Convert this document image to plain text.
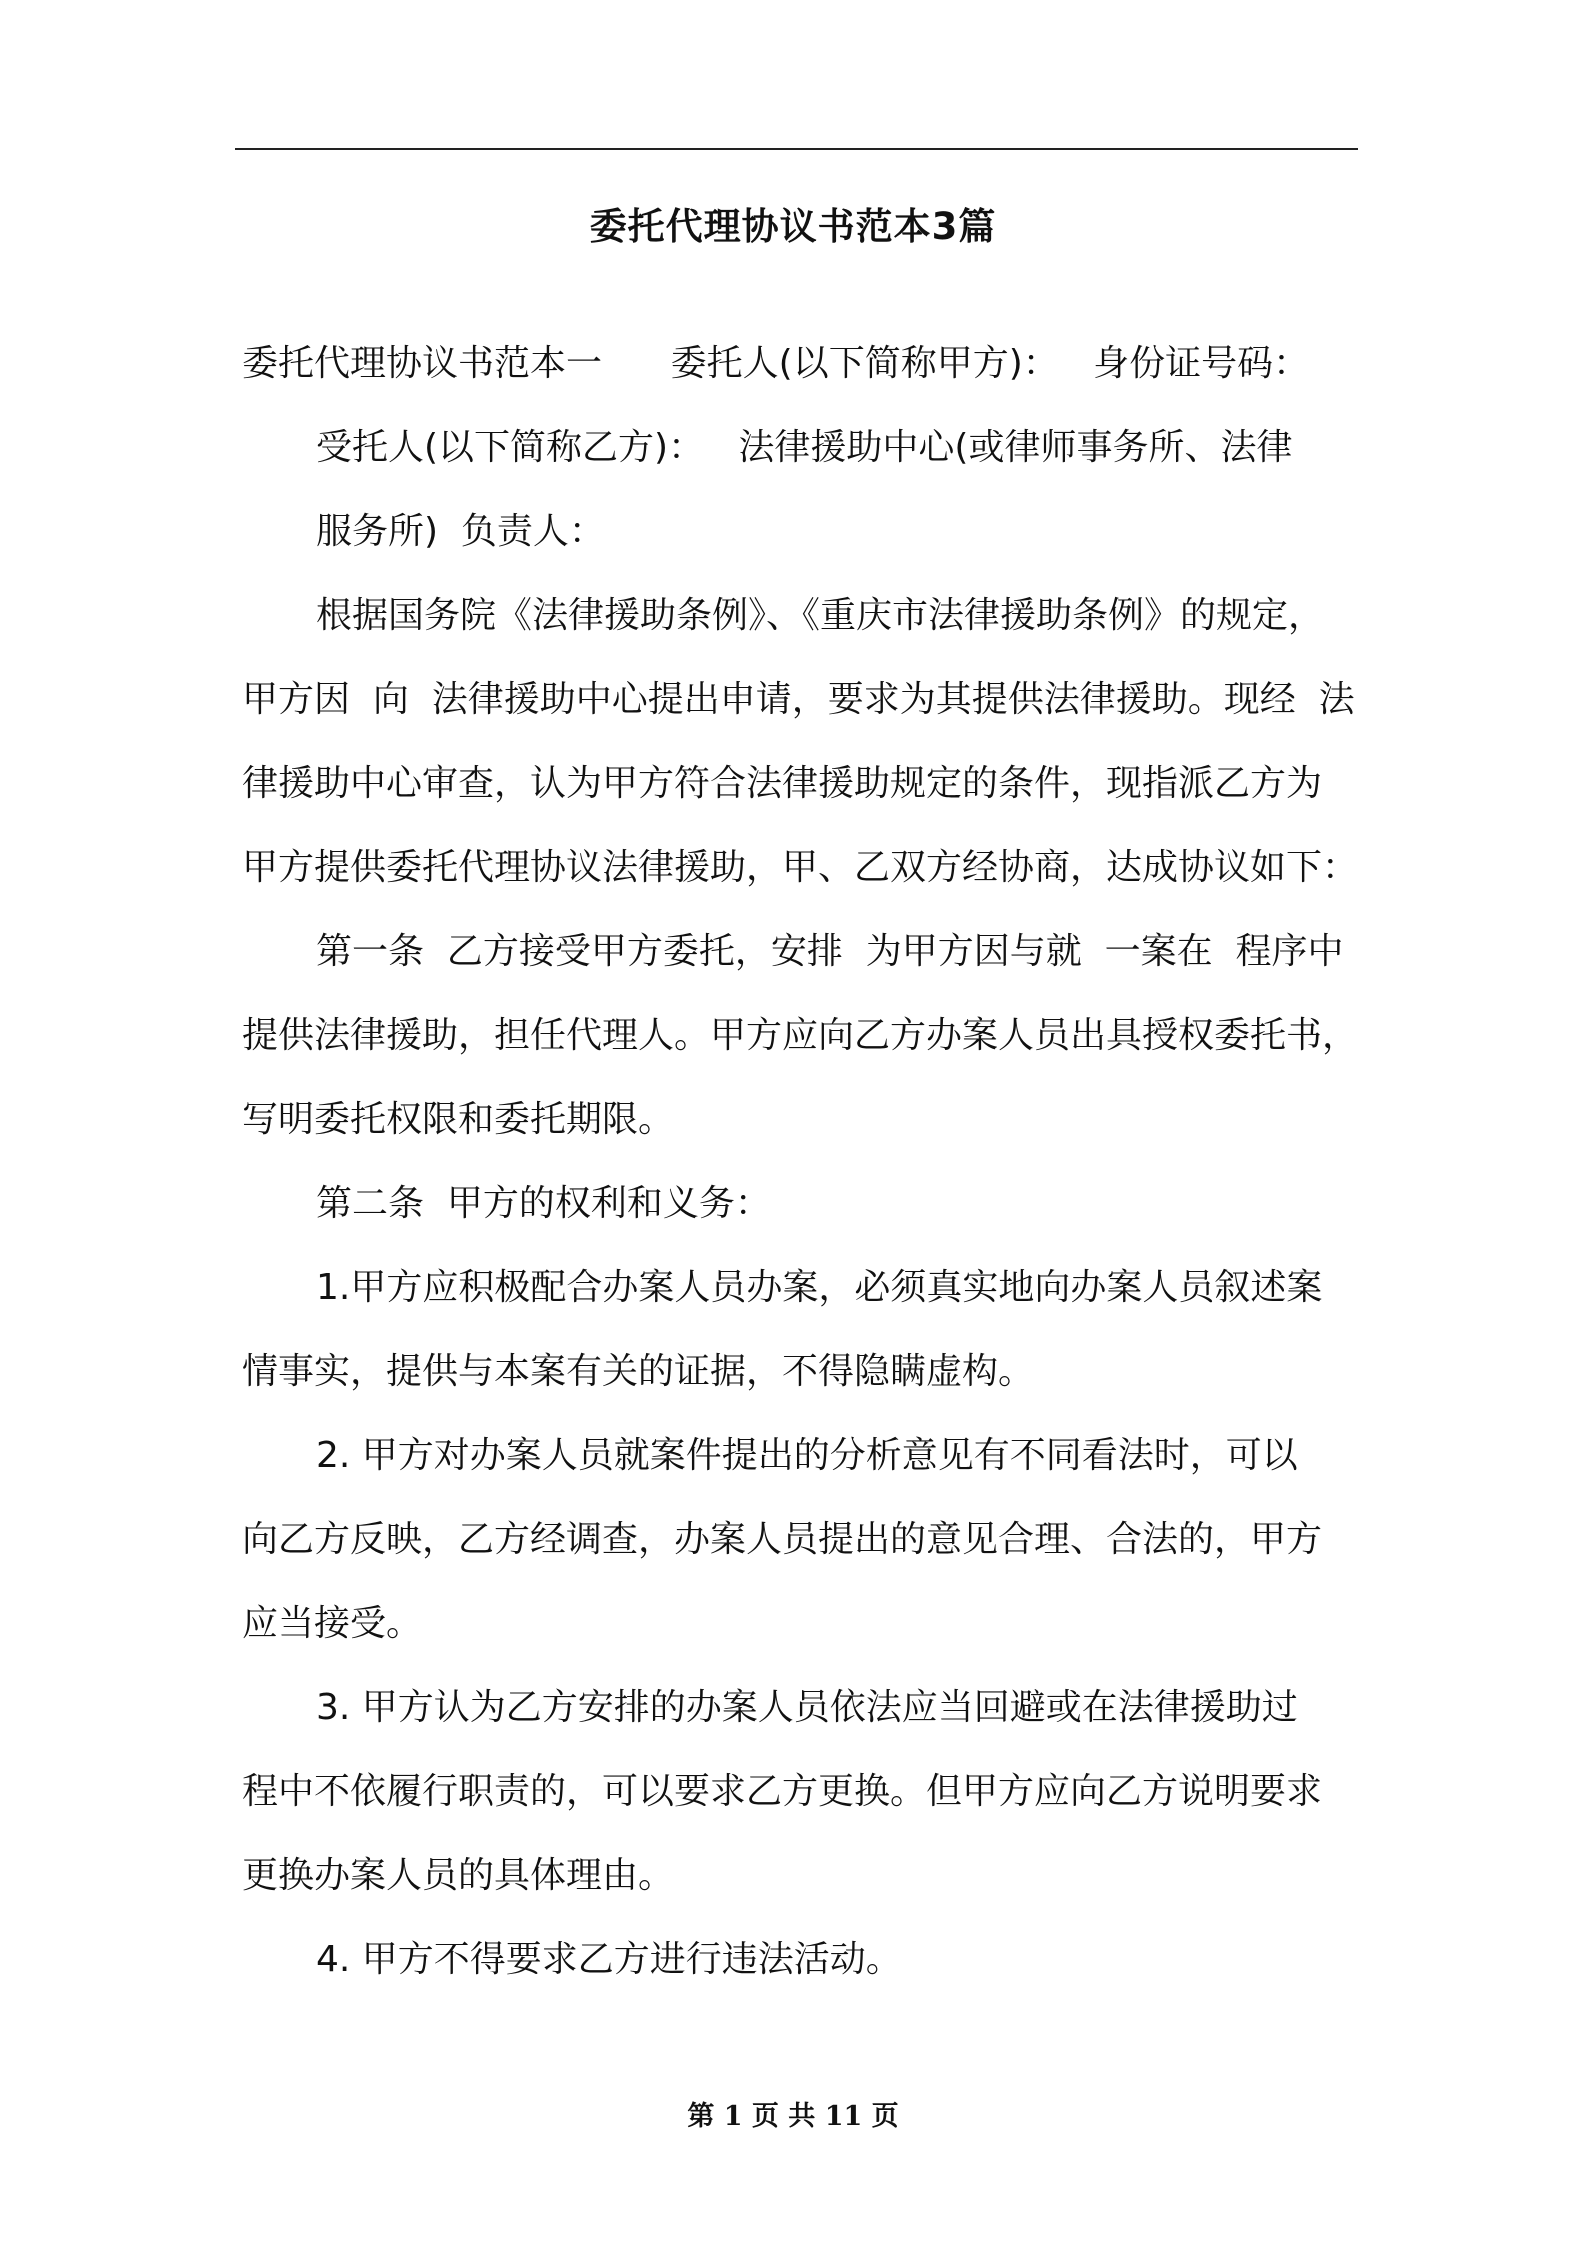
委托代理协议书范本3篇
委托代理协议书范本一      委托人(以下简称甲方)：   身份证号码：
受托人(以下简称乙方)：   法律援助中心(或律师事务所、法律
服务所)  负责人：
根据国务院《法律援助条例》、《重庆市法律援助条例》的规定，
甲方因  向  法律援助中心提出申请，要求为其提供法律援助。现经  法
律援助中心审查，认为甲方符合法律援助规定的条件，现指派乙方为
甲方提供委托代理协议法律援助，甲、乙双方经协商，达成协议如下：
第一条  乙方接受甲方委托，安排  为甲方因与就  一案在  程序中
提供法律援助，担任代理人。甲方应向乙方办案人员出具授权委托书，
写明委托权限和委托期限。
第二条  甲方的权利和义务：
1.甲方应积极配合办案人员办案，必须真实地向办案人员叙述案
情事实，提供与本案有关的证据，不得隐瞒虚构。
2. 甲方对办案人员就案件提出的分析意见有不同看法时，可以
向乙方反映，乙方经调查，办案人员提出的意见合理、合法的，甲方
应当接受。
3. 甲方认为乙方安排的办案人员依法应当回避或在法律援助过
程中不依履行职责的，可以要求乙方更换。但甲方应向乙方说明要求
更换办案人员的具体理由。
4. 甲方不得要求乙方进行违法活动。
第 1 页 共 11 页
